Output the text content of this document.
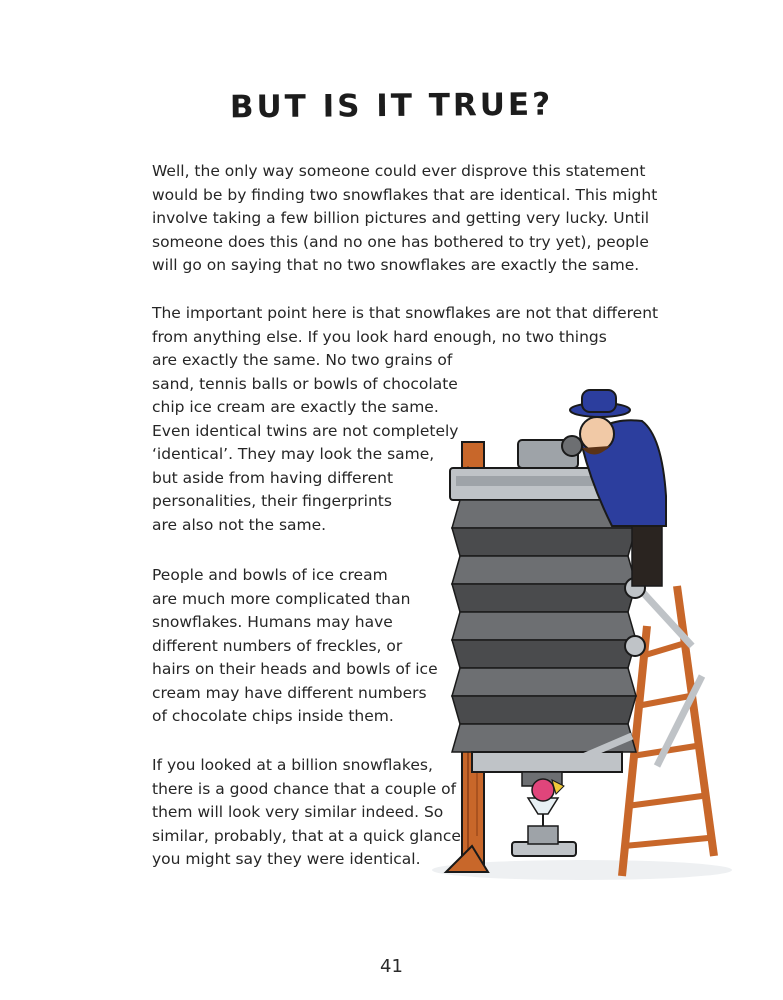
BUT IS IT TRUE?

Well, the only way someone could ever disprove this statement
would be by finding two snowflakes that are identical. This might
involve taking a few billion pictures and getting very lucky. Until
someone does this (and no one has bothered to try yet), people
will go on saying that no two snowflakes are exactly the same.

The important point here is that snowflakes are not that different
from anything else. If you look hard enough, no two things
are exactly the same. No two grains of
sand, tennis balls or bowls of chocolate
chip ice cream are exactly the same.
Even identical twins are not completely
‘identical’. They may look the same,
but aside from having different
personalities, their fingerprints
are also not the same.

People and bowls of ice cream
are much more complicated than
snowflakes. Humans may have
different numbers of freckles, or
hairs on their heads and bowls of ice
cream may have different numbers
of chocolate chips inside them.

If you looked at a billion snowflakes,
there is a good chance that a couple of
them will look very similar indeed. So
similar, probably, that at a quick glance
you might say they were identical.

41
